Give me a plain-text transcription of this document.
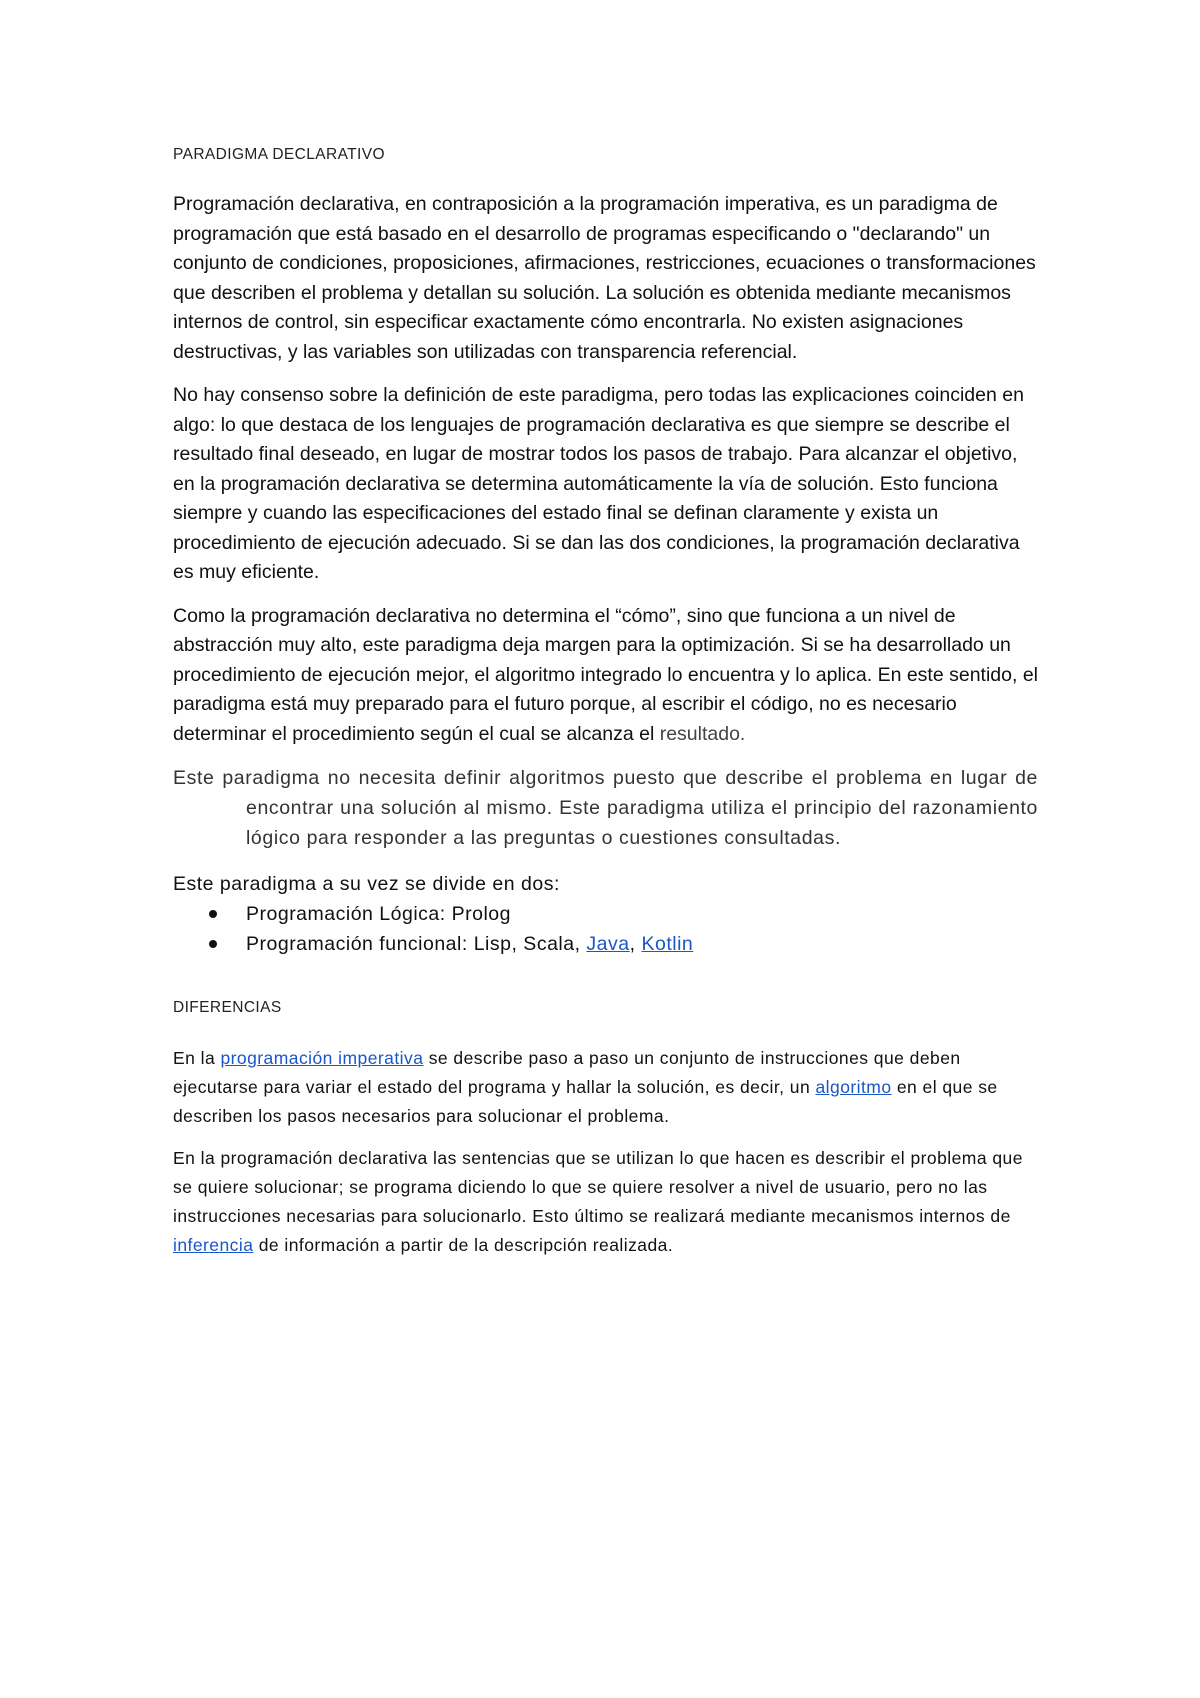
PARADIGMA DECLARATIVO

Programación declarativa, en contraposición a la programación imperativa, es un paradigma de programación que está basado en el desarrollo de programas especificando o "declarando" un conjunto de condiciones, proposiciones, afirmaciones, restricciones, ecuaciones o transformaciones que describen el problema y detallan su solución. La solución es obtenida mediante mecanismos internos de control, sin especificar exactamente cómo encontrarla. No existen asignaciones destructivas, y las variables son utilizadas con transparencia referencial.

No hay consenso sobre la definición de este paradigma, pero todas las explicaciones coinciden en algo: lo que destaca de los lenguajes de programación declarativa es que siempre se describe el resultado final deseado, en lugar de mostrar todos los pasos de trabajo. Para alcanzar el objetivo, en la programación declarativa se determina automáticamente la vía de solución. Esto funciona siempre y cuando las especificaciones del estado final se definan claramente y exista un procedimiento de ejecución adecuado. Si se dan las dos condiciones, la programación declarativa es muy eficiente.

Como la programación declarativa no determina el “cómo”, sino que funciona a un nivel de abstracción muy alto, este paradigma deja margen para la optimización. Si se ha desarrollado un procedimiento de ejecución mejor, el algoritmo integrado lo encuentra y lo aplica. En este sentido, el paradigma está muy preparado para el futuro porque, al escribir el código, no es necesario determinar el procedimiento según el cual se alcanza el resultado.

Este paradigma no necesita definir algoritmos puesto que describe el problema en lugar de encontrar una solución al mismo. Este paradigma utiliza el principio del razonamiento lógico para responder a las preguntas o cuestiones consultadas.

Este paradigma a su vez se divide en dos:

Programación Lógica: Prolog
Programación funcional: Lisp, Scala, Java, Kotlin
DIFERENCIAS

En la programación imperativa se describe paso a paso un conjunto de instrucciones que deben ejecutarse para variar el estado del programa y hallar la solución, es decir, un algoritmo en el que se describen los pasos necesarios para solucionar el problema.

En la programación declarativa las sentencias que se utilizan lo que hacen es describir el problema que se quiere solucionar; se programa diciendo lo que se quiere resolver a nivel de usuario, pero no las instrucciones necesarias para solucionarlo. Esto último se realizará mediante mecanismos internos de inferencia de información a partir de la descripción realizada.
